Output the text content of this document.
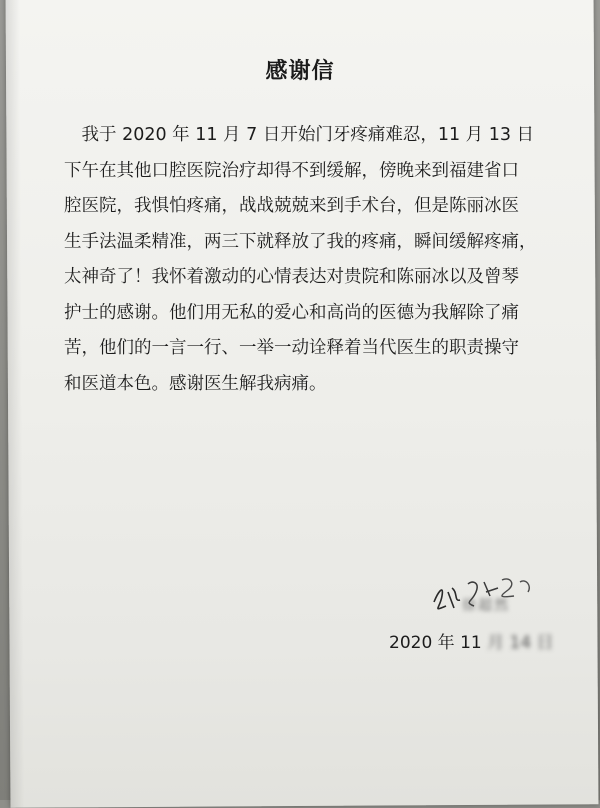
感谢信
　我于 2020 年 11 月 7 日开始门牙疼痛难忍，11 月 13 日
下午在其他口腔医院治疗却得不到缓解，傍晚来到福建省口
腔医院，我惧怕疼痛，战战兢兢来到手术台，但是陈丽冰医
生手法温柔精准，两三下就释放了我的疼痛，瞬间缓解疼痛，
太神奇了！我怀着激动的心情表达对贵院和陈丽冰以及曾琴
护士的感谢。他们用无私的爱心和高尚的医德为我解除了痛
苦，他们的一言一行、一举一动诠释着当代医生的职责操守
和医道本色。感谢医生解我病痛。
徐超然
2020 年 11 月 14 日
